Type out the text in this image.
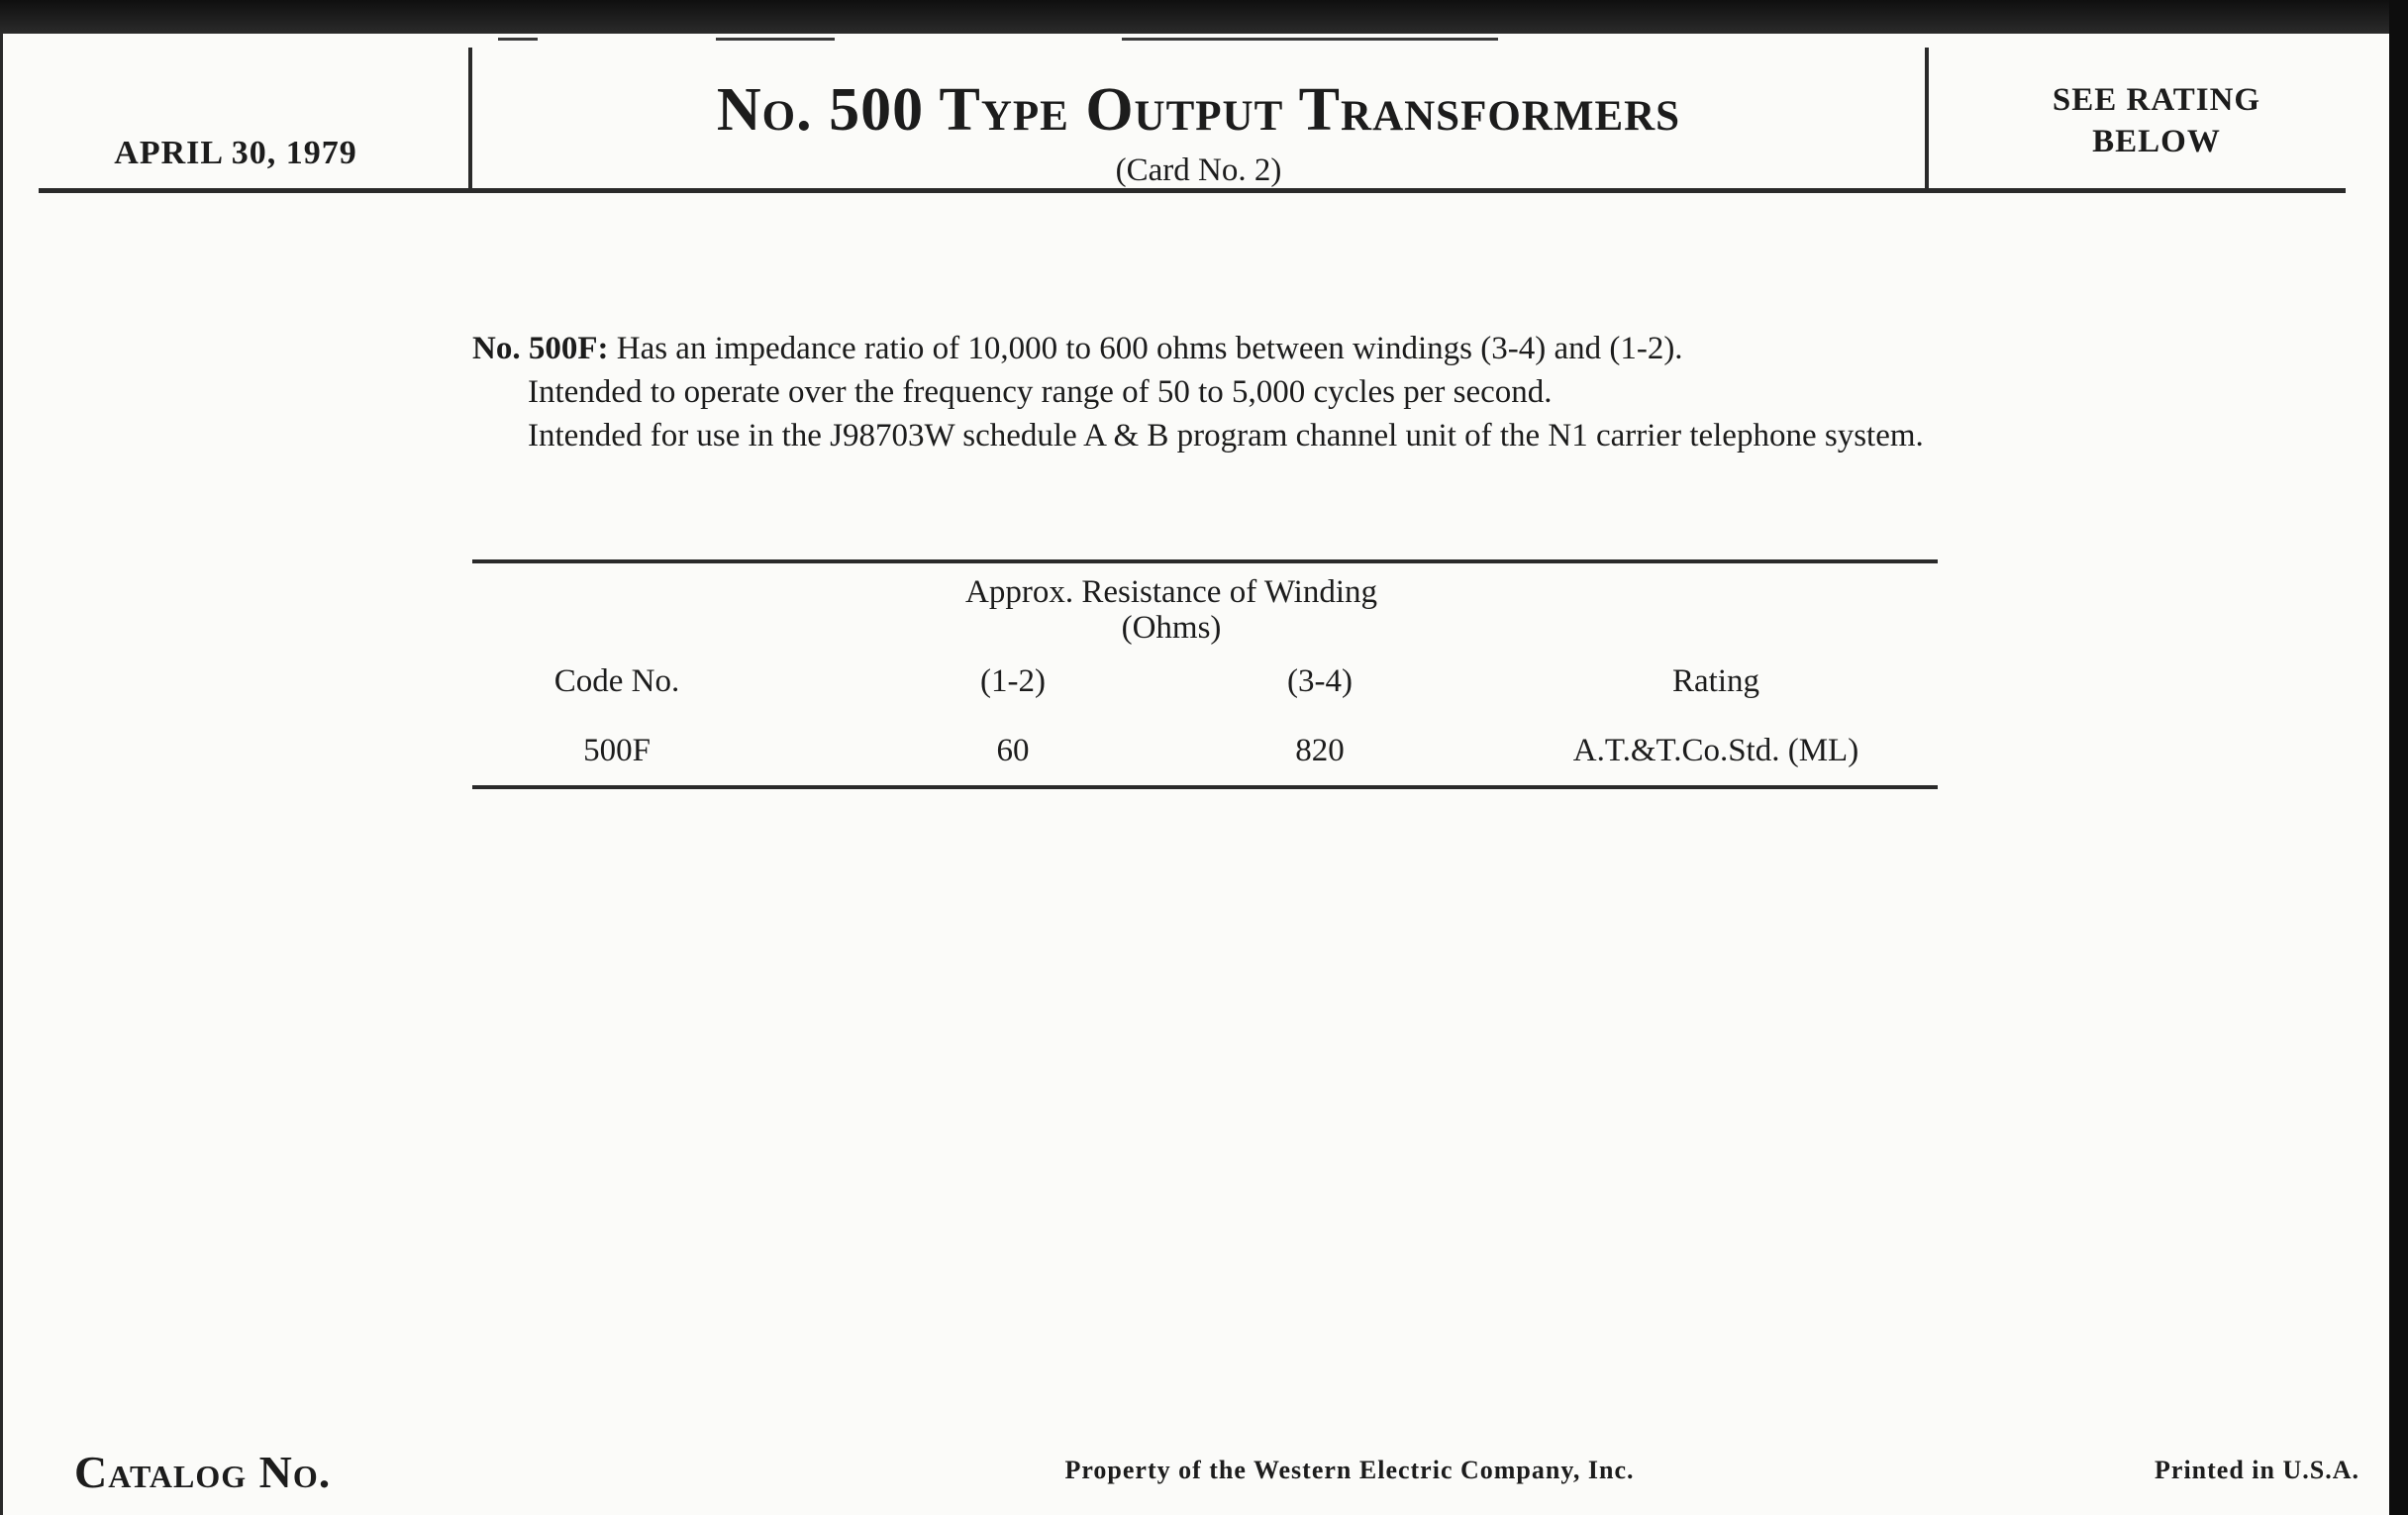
APRIL 30, 1979
No. 500 Type Output Transformers
(Card No. 2)
SEE RATING BELOW

No. 500F: Has an impedance ratio of 10,000 to 600 ohms between windings (3-4) and (1-2).

Intended to operate over the frequency range of 50 to 5,000 cycles per second.

Intended for use in the J98703W schedule A & B program channel unit of the N1 carrier telephone system.

Approx. Resistance of Winding
(Ohms)
Code No.	(1-2)	(3-4)	Rating
500F	60	820	A.T.&T.Co.Std. (ML)
Catalog No.	Property of the Western Electric Company, Inc.	Printed in U.S.A.
